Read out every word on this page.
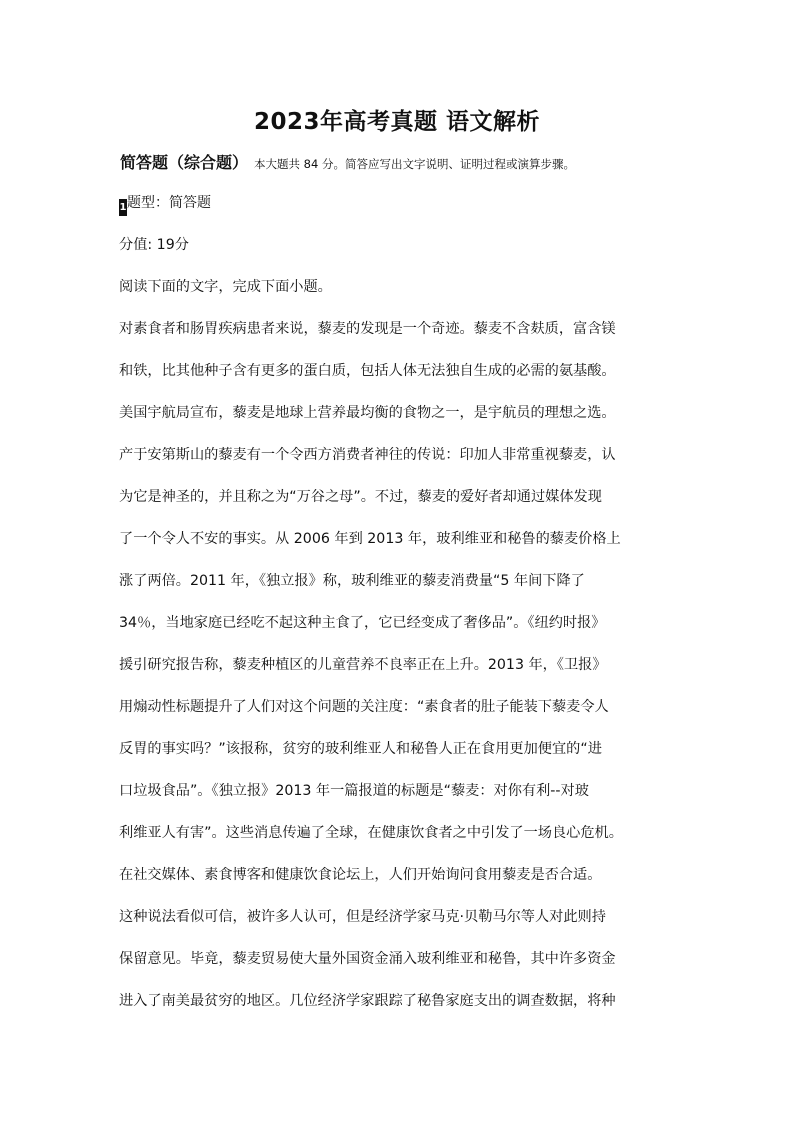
2023年高考真题 语文解析
简答题（综合题） 本大题共 84 分。简答应写出文字说明、证明过程或演算步骤。
1题型：简答题
分值: 19分
阅读下面的文字，完成下面小题。
对素食者和肠胃疾病患者来说，藜麦的发现是一个奇迹。藜麦不含麸质，富含镁
和铁，比其他种子含有更多的蛋白质，包括人体无法独自生成的必需的氨基酸。
美国宇航局宣布，藜麦是地球上营养最均衡的食物之一，是宇航员的理想之选。
产于安第斯山的藜麦有一个令西方消费者神往的传说：印加人非常重视藜麦，认
为它是神圣的，并且称之为“万谷之母”。不过，藜麦的爱好者却通过媒体发现
了一个令人不安的事实。从 2006 年到 2013 年，玻利维亚和秘鲁的藜麦价格上
涨了两倍。2011 年，《独立报》称，玻利维亚的藜麦消费量“5 年间下降了
34％，当地家庭已经吃不起这种主食了，它已经变成了奢侈品”。《纽约时报》
援引研究报告称，藜麦种植区的儿童营养不良率正在上升。2013 年，《卫报》
用煽动性标题提升了人们对这个问题的关注度：“素食者的肚子能装下藜麦令人
反胃的事实吗？”该报称，贫穷的玻利维亚人和秘鲁人正在食用更加便宜的“进
口垃圾食品”。《独立报》2013 年一篇报道的标题是“藜麦：对你有利--对玻
利维亚人有害”。这些消息传遍了全球，在健康饮食者之中引发了一场良心危机。
在社交媒体、素食博客和健康饮食论坛上，人们开始询问食用藜麦是否合适。
这种说法看似可信，被许多人认可，但是经济学家马克·贝勒马尔等人对此则持
保留意见。毕竟，藜麦贸易使大量外国资金涌入玻利维亚和秘鲁，其中许多资金
进入了南美最贫穷的地区。几位经济学家跟踪了秘鲁家庭支出的调查数据，将种
